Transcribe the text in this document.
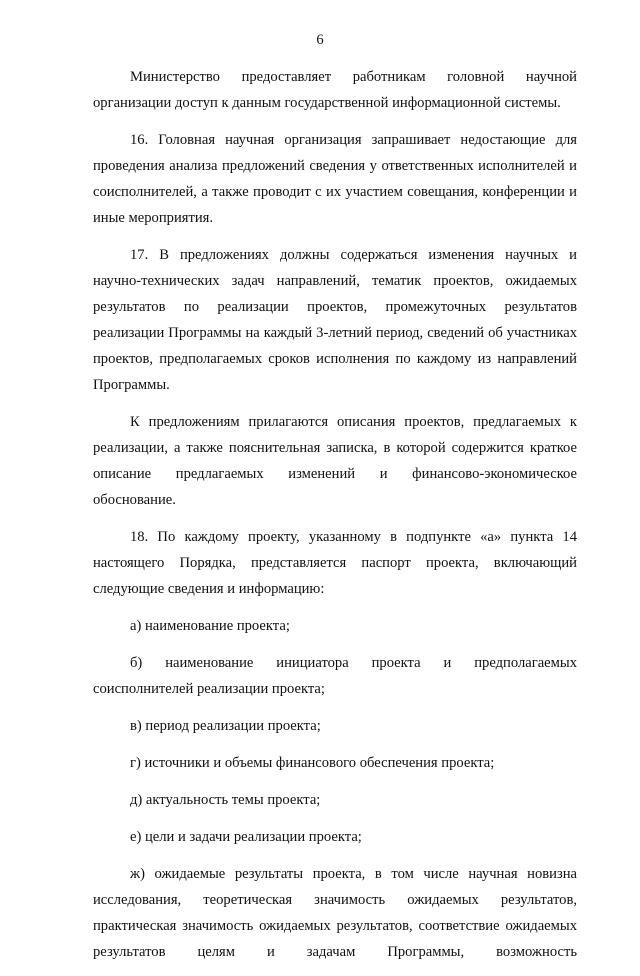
6

Министерство предоставляет работникам головной научной организации доступ к данным государственной информационной системы.

16. Головная научная организация запрашивает недостающие для проведения анализа предложений сведения у ответственных исполнителей и соисполнителей, а также проводит с их участием совещания, конференции и иные мероприятия.

17. В предложениях должны содержаться изменения научных и научно-технических задач направлений, тематик проектов, ожидаемых результатов по реализации проектов, промежуточных результатов реализации Программы на каждый 3-летний период, сведений об участниках проектов, предполагаемых сроков исполнения по каждому из направлений Программы.

К предложениям прилагаются описания проектов, предлагаемых к реализации, а также пояснительная записка, в которой содержится краткое описание предлагаемых изменений и финансово-экономическое обоснование.

18. По каждому проекту, указанному в подпункте «а» пункта 14 настоящего Порядка, представляется паспорт проекта, включающий следующие сведения и информацию:

а) наименование проекта;

б) наименование инициатора проекта и предполагаемых соисполнителей реализации проекта;

в) период реализации проекта;

г) источники и объемы финансового обеспечения проекта;

д) актуальность темы проекта;

е) цели и задачи реализации проекта;

ж) ожидаемые результаты проекта, в том числе научная новизна исследования, теоретическая значимость ожидаемых результатов, практическая значимость ожидаемых результатов, соответствие ожидаемых результатов целям и задачам Программы, возможность
